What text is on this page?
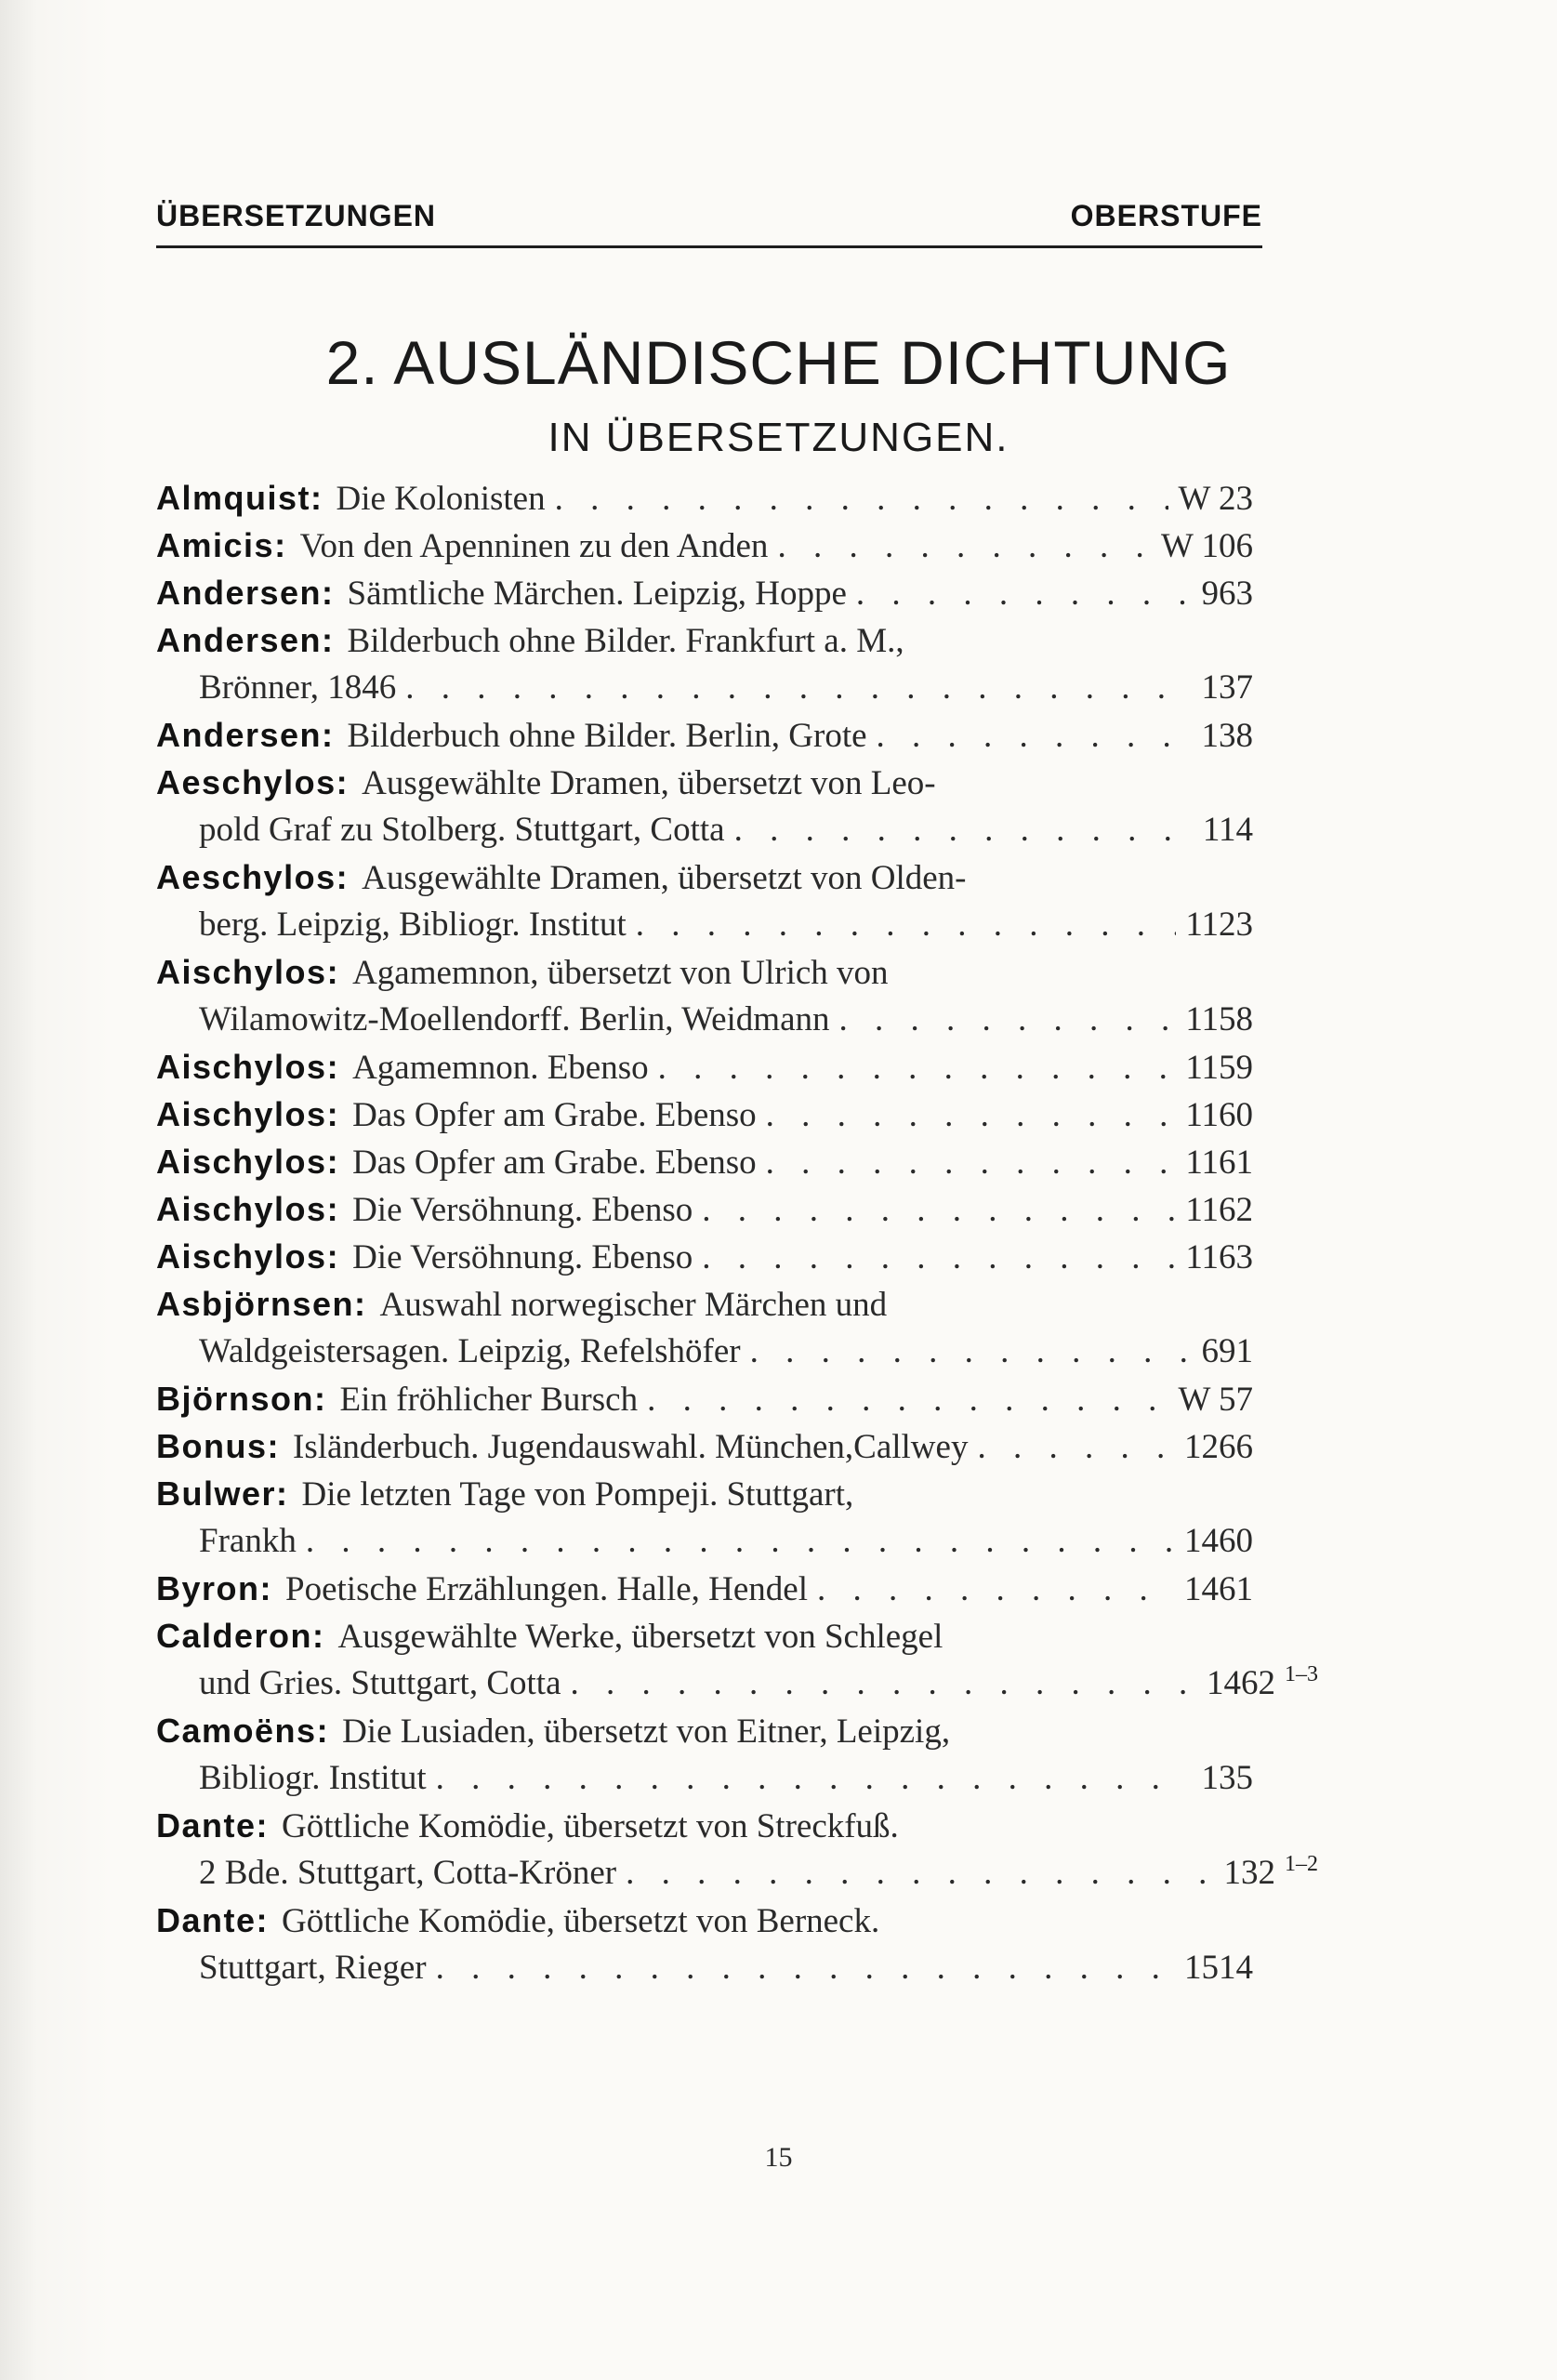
ÜBERSETZUNGEN	OBERSTUFE
2. AUSLÄNDISCHE DICHTUNG
IN ÜBERSETZUNGEN.
Almquist : Die Kolonisten . . .	W 23
Amicis : Von den Apenninen zu den Anden . . .	W 106
Andersen : Sämtliche Märchen. Leipzig, Hoppe . . .	963
Andersen : Bilderbuch ohne Bilder. Frankfurt a. M.,
Brönner, 1846 . . .	137
Andersen : Bilderbuch ohne Bilder. Berlin, Grote . . .	138
Aeschylos : Ausgewählte Dramen, übersetzt von Leo-
pold Graf zu Stolberg. Stuttgart, Cotta . . .	114
Aeschylos : Ausgewählte Dramen, übersetzt von Olden-
berg. Leipzig, Bibliogr. Institut . . .	1123
Aischylos : Agamemnon, übersetzt von Ulrich von
Wilamowitz-Moellendorff. Berlin, Weidmann . . .	1158
Aischylos : Agamemnon. Ebenso . . .	1159
Aischylos : Das Opfer am Grabe. Ebenso . . .	1160
Aischylos : Das Opfer am Grabe. Ebenso . . .	1161
Aischylos : Die Versöhnung. Ebenso . . .	1162
Aischylos : Die Versöhnung. Ebenso . . .	1163
Asbjörnsen : Auswahl norwegischer Märchen und
Waldgeistersagen. Leipzig, Refelshöfer . . .	691
Björnson : Ein fröhlicher Bursch . . .	W 57
Bonus : Isländerbuch. Jugendauswahl. München,Callwey . . .	1266
Bulwer : Die letzten Tage von Pompeji. Stuttgart,
Frankh . . .	1460
Byron : Poetische Erzählungen. Halle, Hendel . . .	1461
Calderon : Ausgewählte Werke, übersetzt von Schlegel
und Gries. Stuttgart, Cotta . . .	1462 1–3
Camoëns : Die Lusiaden, übersetzt von Eitner, Leipzig,
Bibliogr. Institut . . .	135
Dante : Göttliche Komödie, übersetzt von Streckfuß.
2 Bde. Stuttgart, Cotta-Kröner . . .	132 1–2
Dante : Göttliche Komödie, übersetzt von Berneck.
Stuttgart, Rieger . . .	1514
15
